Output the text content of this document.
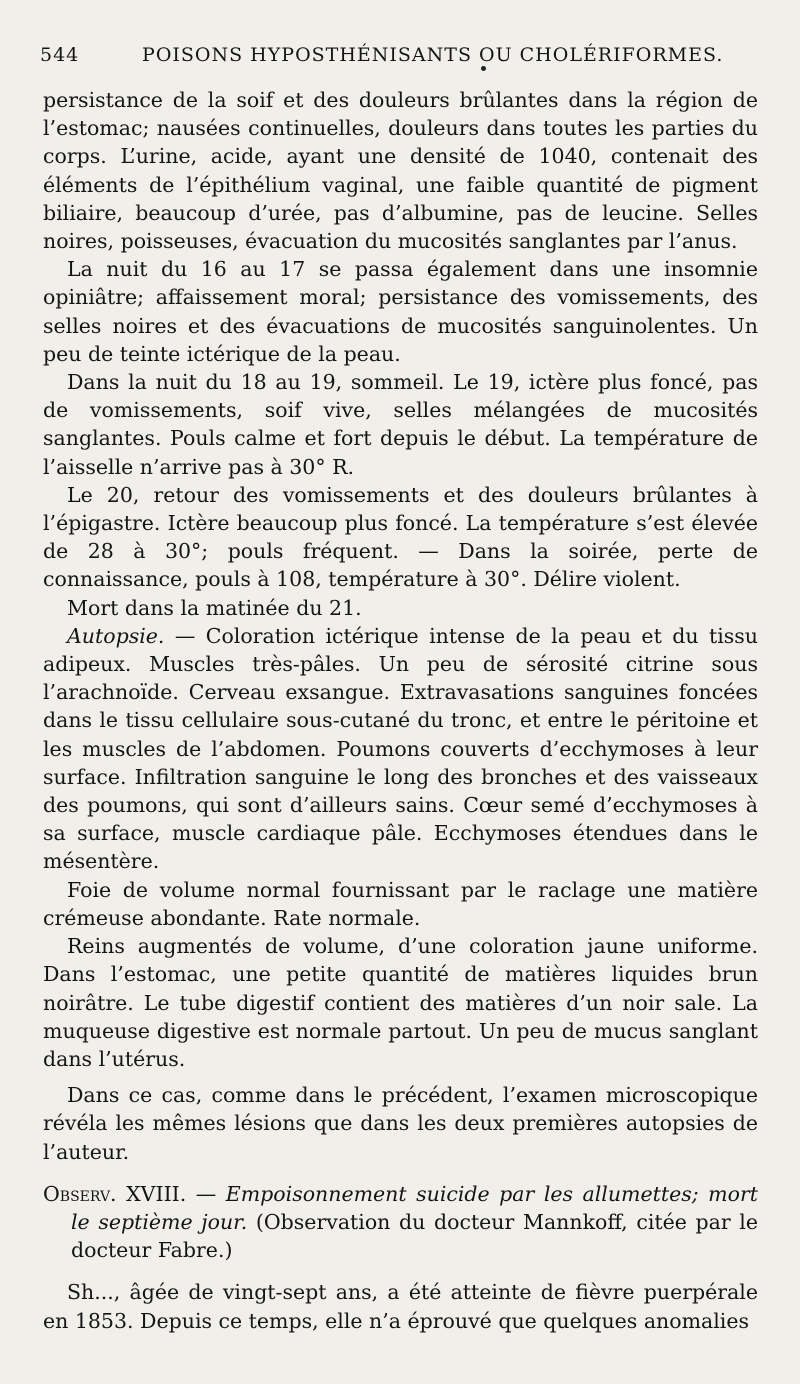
544	POISONS HYPOSTHÉNISANTS OU CHOLÉRIFORMES.

persistance de la soif et des douleurs brûlantes dans la région de l’estomac; nausées continuelles, douleurs dans toutes les parties du corps. L’urine, acide, ayant une densité de 1040, contenait des éléments de l’épithélium vaginal, une faible quantité de pigment biliaire, beaucoup d’urée, pas d’albumine, pas de leucine. Selles noires, poisseuses, évacuation du mucosités sanglantes par l’anus.

La nuit du 16 au 17 se passa également dans une insomnie opiniâtre; affaissement moral; persistance des vomissements, des selles noires et des évacuations de mucosités sanguinolentes. Un peu de teinte ictérique de la peau.

Dans la nuit du 18 au 19, sommeil. Le 19, ictère plus foncé, pas de vomissements, soif vive, selles mélangées de mucosités sanglantes. Pouls calme et fort depuis le début. La température de l’aisselle n’arrive pas à 30° R.

Le 20, retour des vomissements et des douleurs brûlantes à l’épigastre. Ictère beaucoup plus foncé. La température s’est élevée de 28 à 30°; pouls fréquent. — Dans la soirée, perte de connaissance, pouls à 108, température à 30°. Délire violent.

Mort dans la matinée du 21.

Autopsie. — Coloration ictérique intense de la peau et du tissu adipeux. Muscles très-pâles. Un peu de sérosité citrine sous l’arachnoïde. Cerveau exsangue. Extravasations sanguines foncées dans le tissu cellulaire sous-cutané du tronc, et entre le péritoine et les muscles de l’abdomen. Poumons couverts d’ecchymoses à leur surface. Infiltration sanguine le long des bronches et des vaisseaux des poumons, qui sont d’ailleurs sains. Cœur semé d’ecchymoses à sa surface, muscle cardiaque pâle. Ecchymoses étendues dans le mésentère.

Foie de volume normal fournissant par le raclage une matière crémeuse abondante. Rate normale.

Reins augmentés de volume, d’une coloration jaune uniforme. Dans l’estomac, une petite quantité de matières liquides brun noirâtre. Le tube digestif contient des matières d’un noir sale. La muqueuse digestive est normale partout. Un peu de mucus sanglant dans l’utérus.

Dans ce cas, comme dans le précédent, l’examen microscopique révéla les mêmes lésions que dans les deux premières autopsies de l’auteur.

Observ. XVIII. — Empoisonnement suicide par les allumettes; mort le septième jour. (Observation du docteur Mannkoff, citée par le docteur Fabre.)

Sh..., âgée de vingt-sept ans, a été atteinte de fièvre puerpérale en 1853. Depuis ce temps, elle n’a éprouvé que quelques anomalies
